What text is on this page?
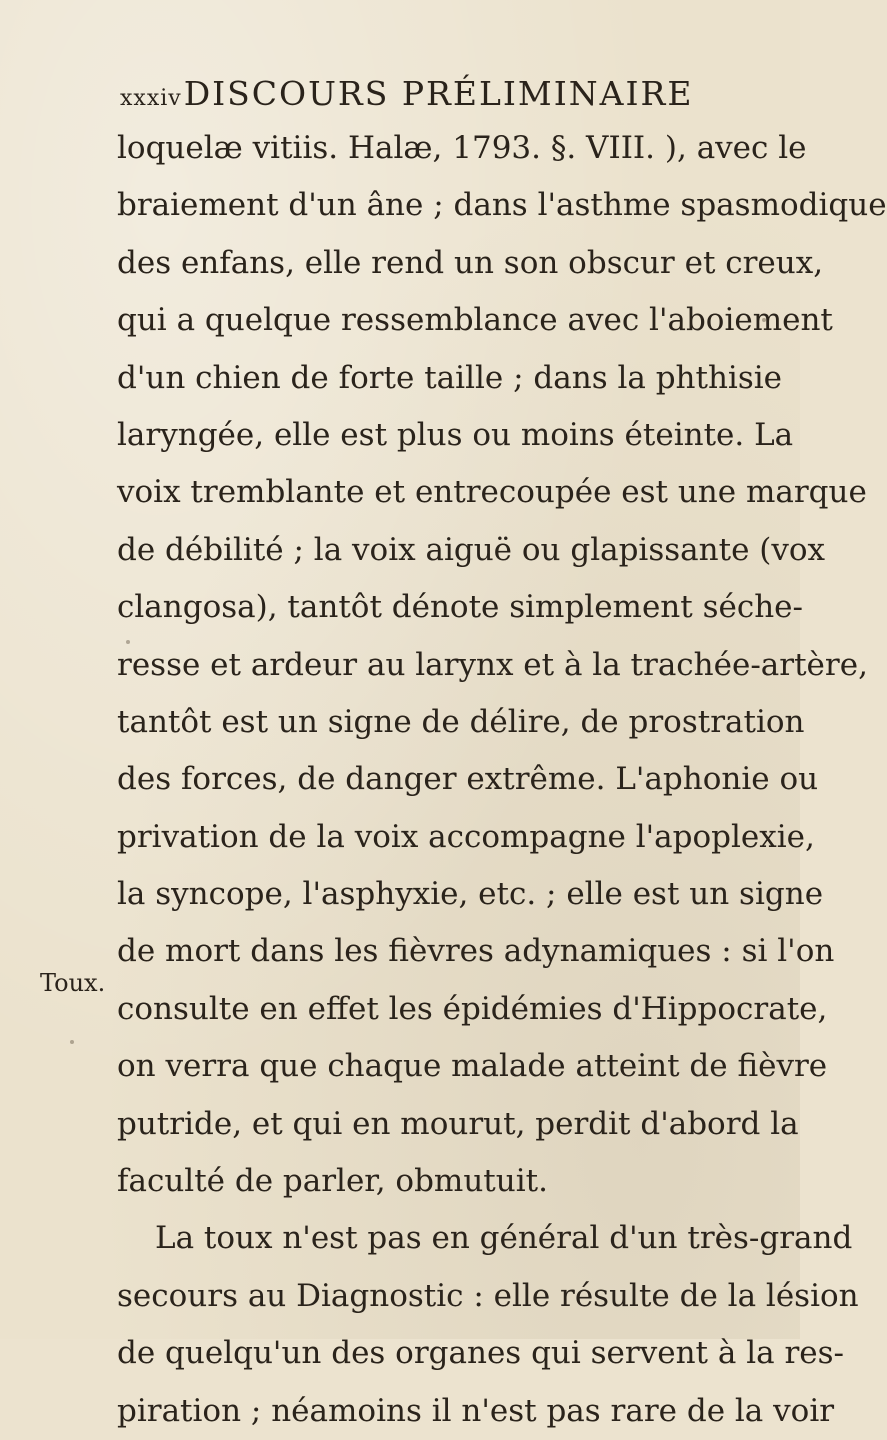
xxxivDISCOURS PRÉLIMINAIRE
Toux.
loquelæ vitiis. Halæ, 1793. §. VIII. ), avec le
braiement d'un âne ; dans l'asthme spasmodique
des enfans, elle rend un son obscur et creux,
qui a quelque ressemblance avec l'aboiement
d'un chien de forte taille ; dans la phthisie
laryngée, elle est plus ou moins éteinte. La
voix tremblante et entrecoupée est une marque
de débilité ; la voix aiguë ou glapissante (vox
clangosa), tantôt dénote simplement séche-
resse et ardeur au larynx et à la trachée-artère,
tantôt est un signe de délire, de prostration
des forces, de danger extrême. L'aphonie ou
privation de la voix accompagne l'apoplexie,
la syncope, l'asphyxie, etc. ; elle est un signe
de mort dans les fièvres adynamiques : si l'on
consulte en effet les épidémies d'Hippocrate,
on verra que chaque malade atteint de fièvre
putride, et qui en mourut, perdit d'abord la
faculté de parler, obmutuit.
La toux n'est pas en général d'un très-grand
secours au Diagnostic : elle résulte de la lésion
de quelqu'un des organes qui servent à la res-
piration ; néamoins il n'est pas rare de la voir
